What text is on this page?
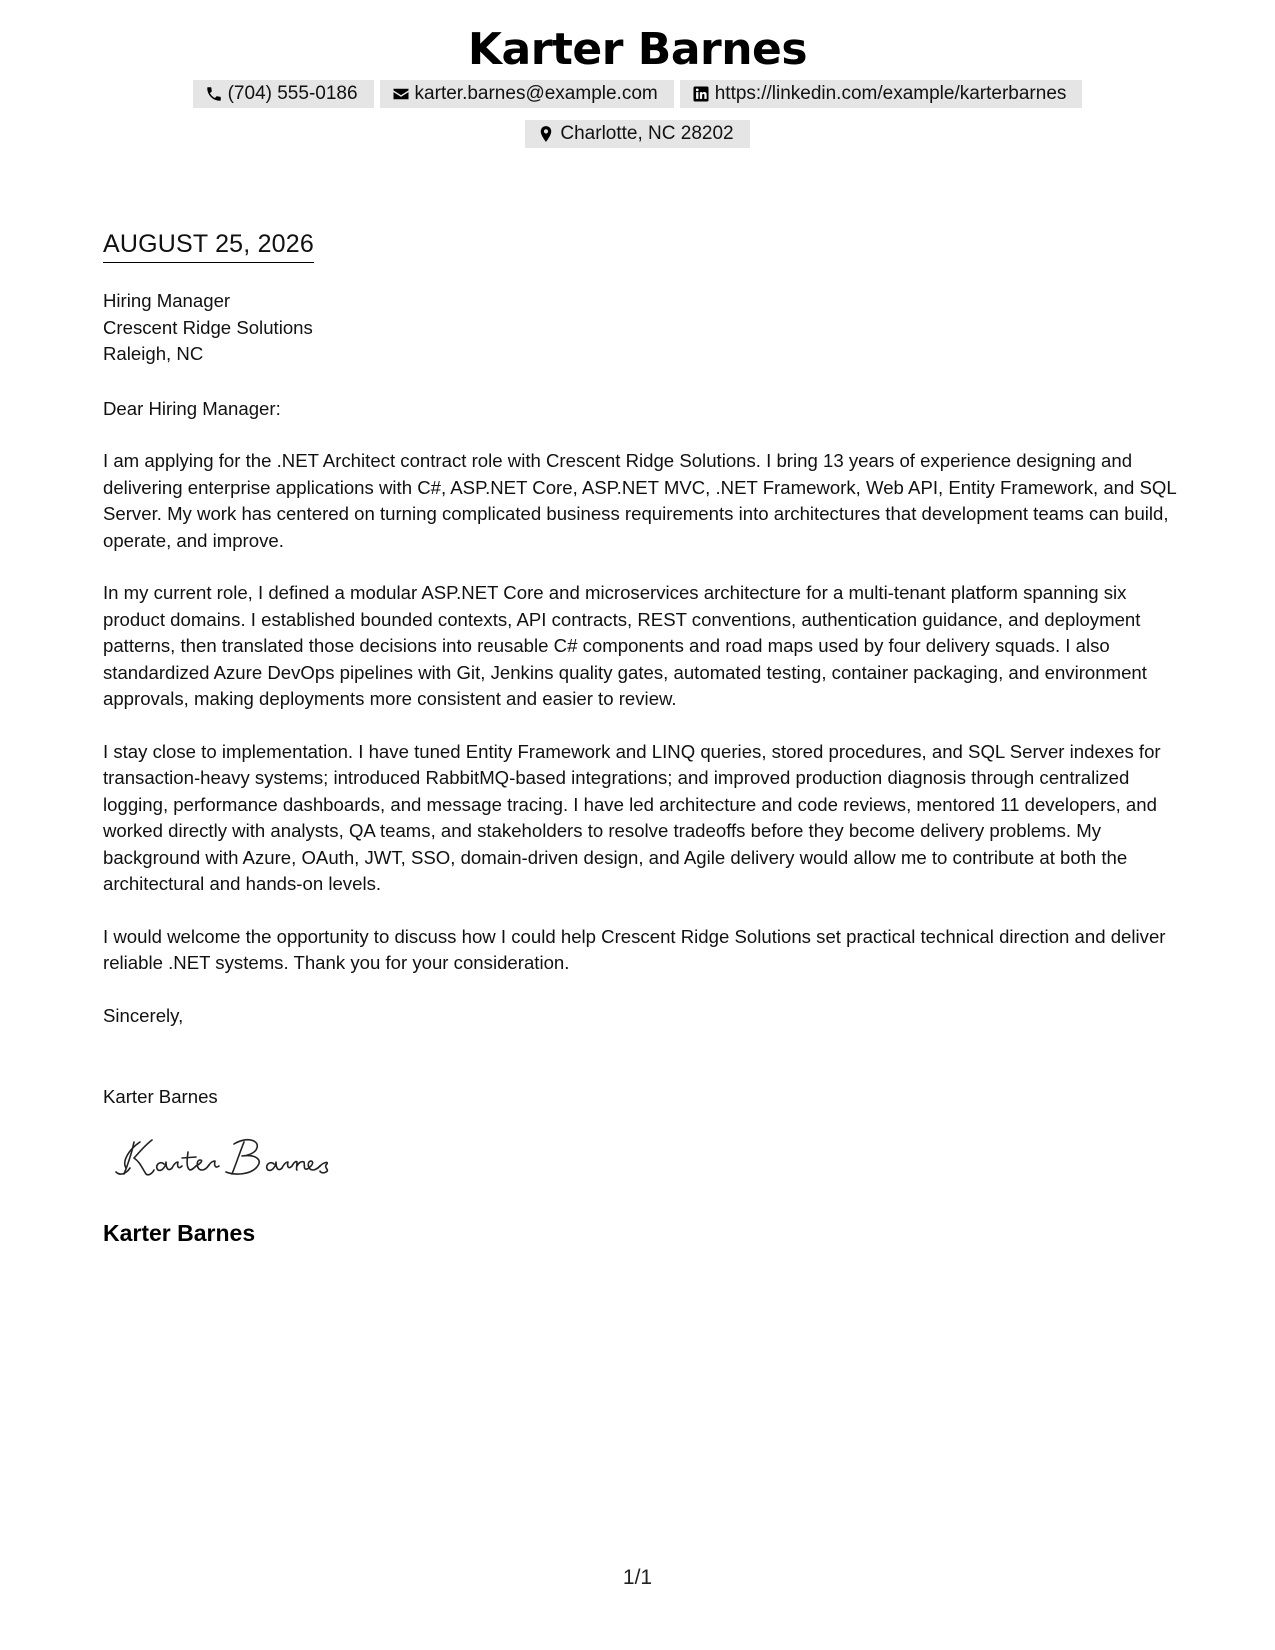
Karter Barnes
(704) 555-0186	karter.barnes@example.com	https://linkedin.com/example/karterbarnes
Charlotte, NC 28202
AUGUST 25, 2026
Hiring Manager
Crescent Ridge Solutions
Raleigh, NC

Dear Hiring Manager:

I am applying for the .NET Architect contract role with Crescent Ridge Solutions. I bring 13 years of experience designing and delivering enterprise applications with C#, ASP.NET Core, ASP.NET MVC, .NET Framework, Web API, Entity Framework, and SQL Server. My work has centered on turning complicated business requirements into architectures that development teams can build, operate, and improve.

In my current role, I defined a modular ASP.NET Core and microservices architecture for a multi-tenant platform spanning six product domains. I established bounded contexts, API contracts, REST conventions, authentication guidance, and deployment patterns, then translated those decisions into reusable C# components and road maps used by four delivery squads. I also standardized Azure DevOps pipelines with Git, Jenkins quality gates, automated testing, container packaging, and environment approvals, making deployments more consistent and easier to review.

I stay close to implementation. I have tuned Entity Framework and LINQ queries, stored procedures, and SQL Server indexes for transaction-heavy systems; introduced RabbitMQ-based integrations; and improved production diagnosis through centralized logging, performance dashboards, and message tracing. I have led architecture and code reviews, mentored 11 developers, and worked directly with analysts, QA teams, and stakeholders to resolve tradeoffs before they become delivery problems. My background with Azure, OAuth, JWT, SSO, domain-driven design, and Agile delivery would allow me to contribute at both the architectural and hands-on levels.

I would welcome the opportunity to discuss how I could help Crescent Ridge Solutions set practical technical direction and deliver reliable .NET systems. Thank you for your consideration.

Sincerely,
Karter Barnes
Karter Barnes
1/1
